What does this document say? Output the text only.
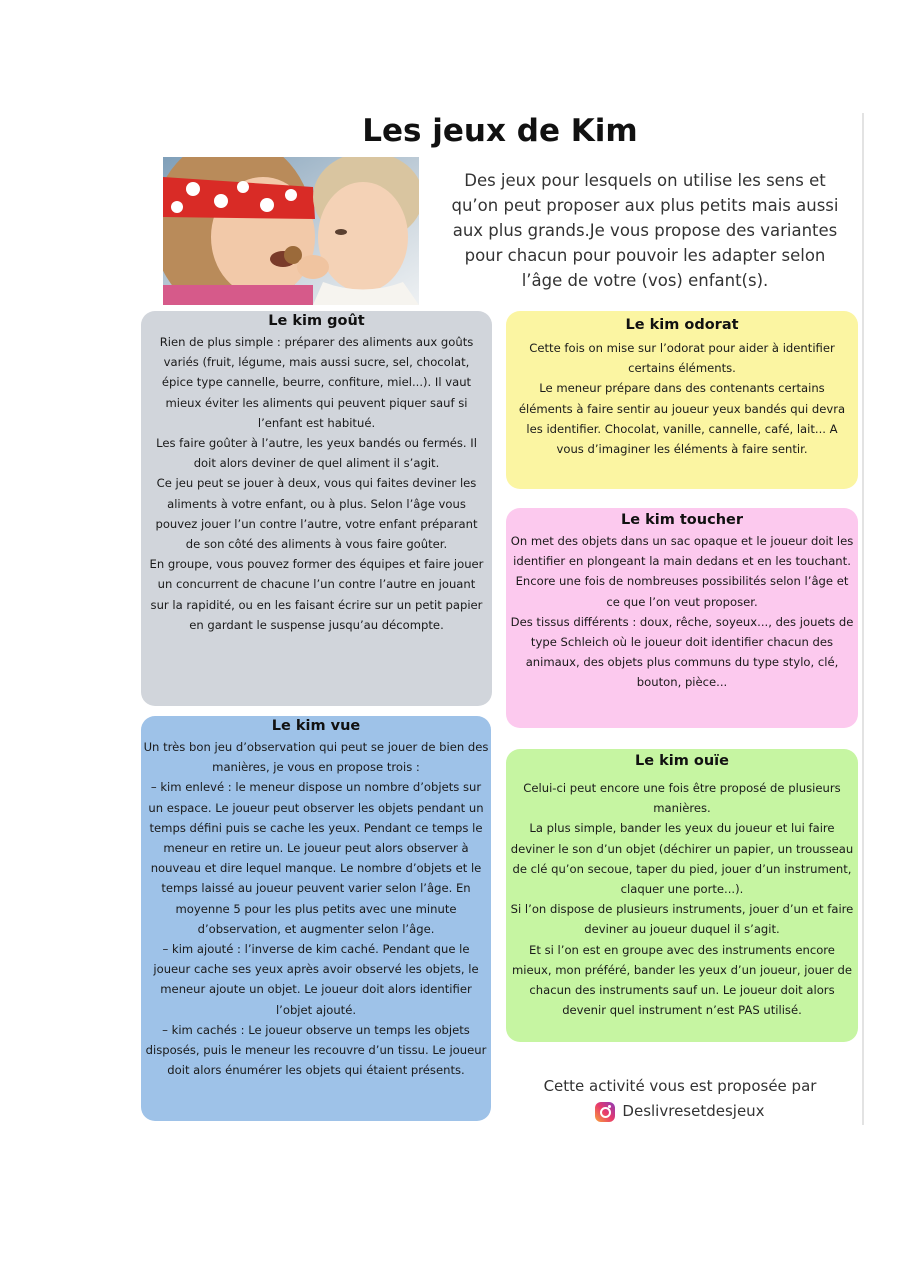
Les jeux de Kim
Des jeux pour lesquels on utilise les sens et qu’on peut proposer aux plus petits mais aussi aux plus grands.Je vous propose des variantes pour chacun pour pouvoir les adapter selon l’âge de votre (vos) enfant(s).
Le kim goût

Rien de plus simple : préparer des aliments aux goûts variés (fruit, légume, mais aussi sucre, sel, chocolat, épice type cannelle, beurre, confiture, miel...). Il vaut mieux éviter les aliments qui peuvent piquer sauf si l’enfant est habitué.

Les faire goûter à l’autre, les yeux bandés ou fermés. Il doit alors deviner de quel aliment il s’agit.

Ce jeu peut se jouer à deux, vous qui faites deviner les aliments à votre enfant, ou à plus. Selon l’âge vous pouvez jouer l’un contre l’autre, votre enfant préparant de son côté des aliments à vous faire goûter.

En groupe, vous pouvez former des équipes et faire jouer un concurrent de chacune l’un contre l’autre en jouant sur la rapidité, ou en les faisant écrire sur un petit papier en gardant le suspense jusqu’au décompte.

Le kim vue

Un très bon jeu d’observation qui peut se jouer de bien des manières, je vous en propose trois :

– kim enlevé : le meneur dispose un nombre d’objets sur un espace. Le joueur peut observer les objets pendant un temps défini puis se cache les yeux. Pendant ce temps le meneur en retire un. Le joueur peut alors observer à nouveau et dire lequel manque. Le nombre d’objets et le temps laissé au joueur peuvent varier selon l’âge. En moyenne 5 pour les plus petits avec une minute d’observation, et augmenter selon l’âge.

– kim ajouté : l’inverse de kim caché. Pendant que le joueur cache ses yeux après avoir observé les objets, le meneur ajoute un objet. Le joueur doit alors identifier l’objet ajouté.

– kim cachés : Le joueur observe un temps les objets disposés, puis le meneur les recouvre d’un tissu. Le joueur doit alors énumérer les objets qui étaient présents.

Le kim odorat

Cette fois on mise sur l’odorat pour aider à identifier certains éléments.

Le meneur prépare dans des contenants certains éléments à faire sentir au joueur yeux bandés qui devra les identifier. Chocolat, vanille, cannelle, café, lait... A vous d’imaginer les éléments à faire sentir.

Le kim toucher

On met des objets dans un sac opaque et le joueur doit les identifier en plongeant la main dedans et en les touchant.

Encore une fois de nombreuses possibilités selon l’âge et ce que l’on veut proposer.

Des tissus différents : doux, rêche, soyeux..., des jouets de type Schleich où le joueur doit identifier chacun des animaux, des objets plus communs du type stylo, clé, bouton, pièce...

Le kim ouïe

Celui-ci peut encore une fois être proposé de plusieurs manières.

La plus simple, bander les yeux du joueur et lui faire deviner le son d’un objet (déchirer un papier, un trousseau de clé qu’on secoue, taper du pied, jouer d’un instrument, claquer une porte...).

Si l’on dispose de plusieurs instruments, jouer d’un et faire deviner au joueur duquel il s’agit.

Et si l’on est en groupe avec des instruments encore mieux, mon préféré, bander les yeux d’un joueur, jouer de chacun des instruments sauf un. Le joueur doit alors devenir quel instrument n’est PAS utilisé.

Cette activité vous est proposée par
Deslivresetdesjeux
